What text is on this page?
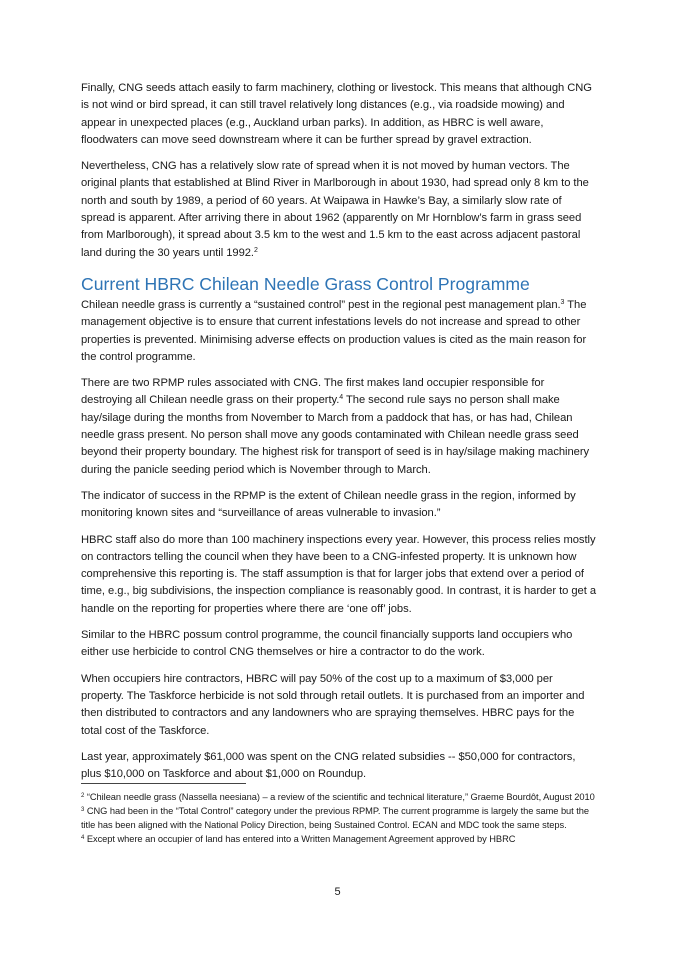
Finally, CNG seeds attach easily to farm machinery, clothing or livestock. This means that although CNG is not wind or bird spread, it can still travel relatively long distances (e.g., via roadside mowing) and appear in unexpected places (e.g., Auckland urban parks). In addition, as HBRC is well aware, floodwaters can move seed downstream where it can be further spread by gravel extraction.

Nevertheless, CNG has a relatively slow rate of spread when it is not moved by human vectors. The original plants that established at Blind River in Marlborough in about 1930, had spread only 8 km to the north and south by 1989, a period of 60 years. At Waipawa in Hawke’s Bay, a similarly slow rate of spread is apparent. After arriving there in about 1962 (apparently on Mr Hornblow’s farm in grass seed from Marlborough), it spread about 3.5 km to the west and 1.5 km to the east across adjacent pastoral land during the 30 years until 1992.$^2$

Current HBRC Chilean Needle Grass Control Programme

Chilean needle grass is currently a “sustained control” pest in the regional pest management plan.$^3$ The management objective is to ensure that current infestations levels do not increase and spread to other properties is prevented. Minimising adverse effects on production values is cited as the main reason for the control programme.

There are two RPMP rules associated with CNG. The first makes land occupier responsible for destroying all Chilean needle grass on their property.$^4$ The second rule says no person shall make hay/silage during the months from November to March from a paddock that has, or has had, Chilean needle grass present. No person shall move any goods contaminated with Chilean needle grass seed beyond their property boundary. The highest risk for transport of seed is in hay/silage making machinery during the panicle seeding period which is November through to March.

The indicator of success in the RPMP is the extent of Chilean needle grass in the region, informed by monitoring known sites and “surveillance of areas vulnerable to invasion.”

HBRC staff also do more than 100 machinery inspections every year. However, this process relies mostly on contractors telling the council when they have been to a CNG-infested property. It is unknown how comprehensive this reporting is. The staff assumption is that for larger jobs that extend over a period of time, e.g., big subdivisions, the inspection compliance is reasonably good. In contrast, it is harder to get a handle on the reporting for properties where there are ‘one off’ jobs.

Similar to the HBRC possum control programme, the council financially supports land occupiers who either use herbicide to control CNG themselves or hire a contractor to do the work.

When occupiers hire contractors, HBRC will pay 50% of the cost up to a maximum of $3,000 per property. The Taskforce herbicide is not sold through retail outlets. It is purchased from an importer and then distributed to contractors and any landowners who are spraying themselves. HBRC pays for the total cost of the Taskforce.

Last year, approximately $61,000 was spent on the CNG related subsidies -- $50,000 for contractors, plus $10,000 on Taskforce and about $1,000 on Roundup.

$^2$ “Chilean needle grass (Nassella neesiana) – a review of the scientific and technical literature,” Graeme Bourdôt, August 2010

$^3$ CNG had been in the “Total Control” category under the previous RPMP. The current programme is largely the same but the title has been aligned with the National Policy Direction, being Sustained Control. ECAN and MDC took the same steps.

$^4$ Except where an occupier of land has entered into a Written Management Agreement approved by HBRC

5
